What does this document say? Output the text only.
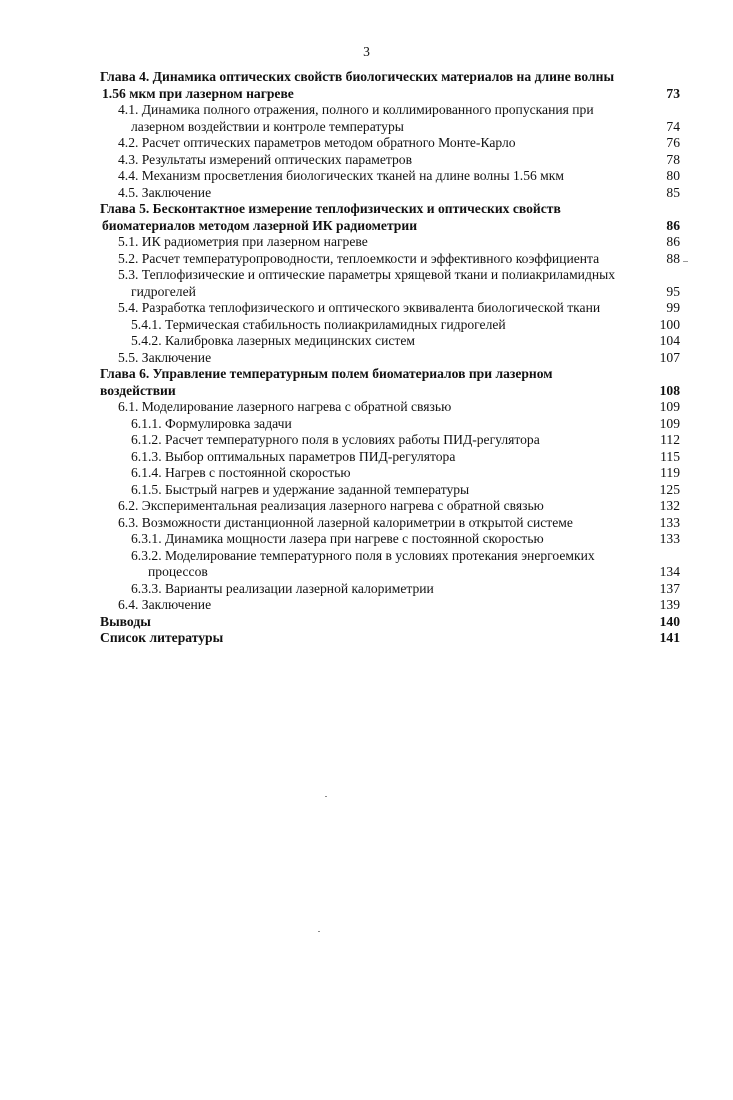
3
Глава 4. Динамика оптических свойств биологических материалов на длине волны
1.56 мкм при лазерном нагреве	73
4.1. Динамика полного отражения, полного и коллимированного пропускания при
лазерном воздействии и контроле температуры	74
4.2. Расчет оптических параметров методом обратного Монте-Карло	76
4.3. Результаты измерений оптических параметров	78
4.4. Механизм просветления биологических тканей на длине волны 1.56 мкм	80
4.5. Заключение	85
Глава 5. Бесконтактное измерение теплофизических и оптических свойств
биоматериалов методом лазерной ИК радиометрии	86
5.1. ИК радиометрия при лазерном нагреве	86
5.2. Расчет температуропроводности, теплоемкости и эффективного коэффициента	88
5.3. Теплофизические и оптические параметры хрящевой ткани и полиакриламидных
гидрогелей	95
5.4. Разработка теплофизического и оптического эквивалента биологической ткани	99
5.4.1. Термическая стабильность полиакриламидных гидрогелей	100
5.4.2. Калибровка лазерных медицинских систем	104
5.5. Заключение	107
Глава 6. Управление температурным полем биоматериалов при лазерном
воздействии	108
6.1. Моделирование лазерного нагрева с обратной связью	109
6.1.1. Формулировка задачи	109
6.1.2. Расчет температурного поля в условиях работы ПИД-регулятора	112
6.1.3. Выбор оптимальных параметров ПИД-регулятора	115
6.1.4. Нагрев с постоянной скоростью	119
6.1.5. Быстрый нагрев и удержание заданной температуры	125
6.2. Экспериментальная реализация лазерного нагрева с обратной связью	132
6.3. Возможности дистанционной лазерной калориметрии в открытой системе	133
6.3.1. Динамика мощности лазера при нагреве с постоянной скоростью	133
6.3.2. Моделирование температурного поля в условиях протекания энергоемких
процессов	134
6.3.3. Варианты реализации лазерной калориметрии	137
6.4. Заключение	139
Выводы	140
Список литературы	141
